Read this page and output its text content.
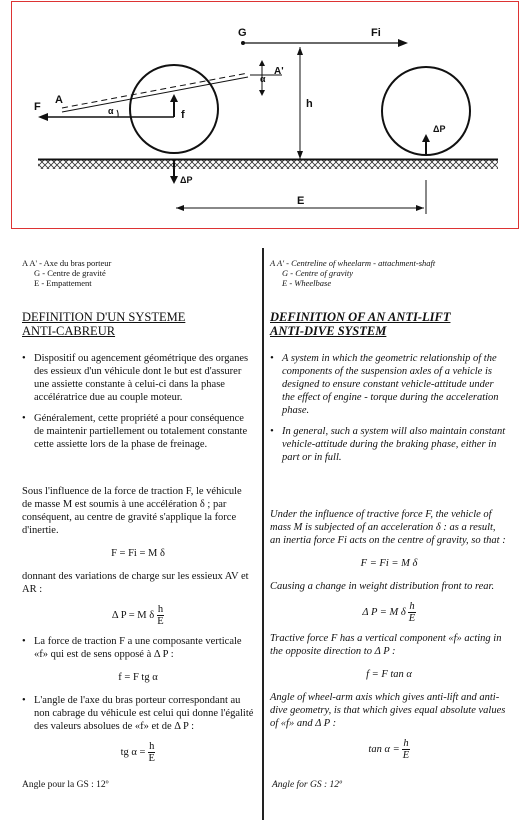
G	Fi
A'
A
α
α
F
f
h
ΔP
ΔP
E
A A' - Axe du bras porteur
G - Centre de gravité
E - Empattement

DEFINITION D'UN SYSTEME

ANTI-CABREUR

• Dispositif ou agencement géométrique des organes des essieux d'un véhicule dont le but est d'assurer une assiette constante à celui-ci dans la phase accélératrice due au couple moteur.

• Généralement, cette propriété a pour conséquence de maintenir partiellement ou totalement constante cette assiette lors de la phase de freinage.

Sous l'influence de la force de traction F, le véhicule de masse M est soumis à une accélération δ ; par conséquent, au centre de gravité s'applique la force d'inertie.

F = Fi = M δ

donnant des variations de charge sur les essieux AV et AR :

Δ P = M δ $\frac{h}{E}$

• La force de traction F a une composante verticale «f» qui est de sens opposé à Δ P :

f = F tg α

• L'angle de l'axe du bras porteur correspondant au non cabrage du véhicule est celui qui donne l'égalité des valeurs absolues de «f» et de Δ P :

tg $\alpha = \frac{h}{E}$

A A' - Centreline of wheelarm - attachment-shaft
G - Centre of gravity
E - Wheelbase

DEFINITION OF AN ANTI-LIFT

ANTI-DIVE SYSTEM

• A system in which the geometric relationship of the components of the suspension axles of a vehicle is designed to ensure constant vehicle-attitude under the effect of engine - torque during the acceleration phase.

• In general, such a system will also maintain constant vehicle-attitude during the braking phase, either in part or in full.

Under the influence of tractive force F, the vehicle of mass M is subjected of an acceleration δ : as a result, an inertia force Fi acts on the centre of gravity, so that :

F = Fi = M δ

Causing a change in weight distribution front to rear.

Δ P = M δ $\frac{h}{E}$

Tractive force F has a vertical component «f» acting in the opposite direction to Δ P :

f = F tan α

Angle of wheel-arm axis which gives anti-lift and anti-dive geometry, is that which gives equal absolute values of «f» and Δ P :

$\tan \alpha = \frac{h}{E}$

Angle pour la GS : 12º	Angle for GS : 12º
